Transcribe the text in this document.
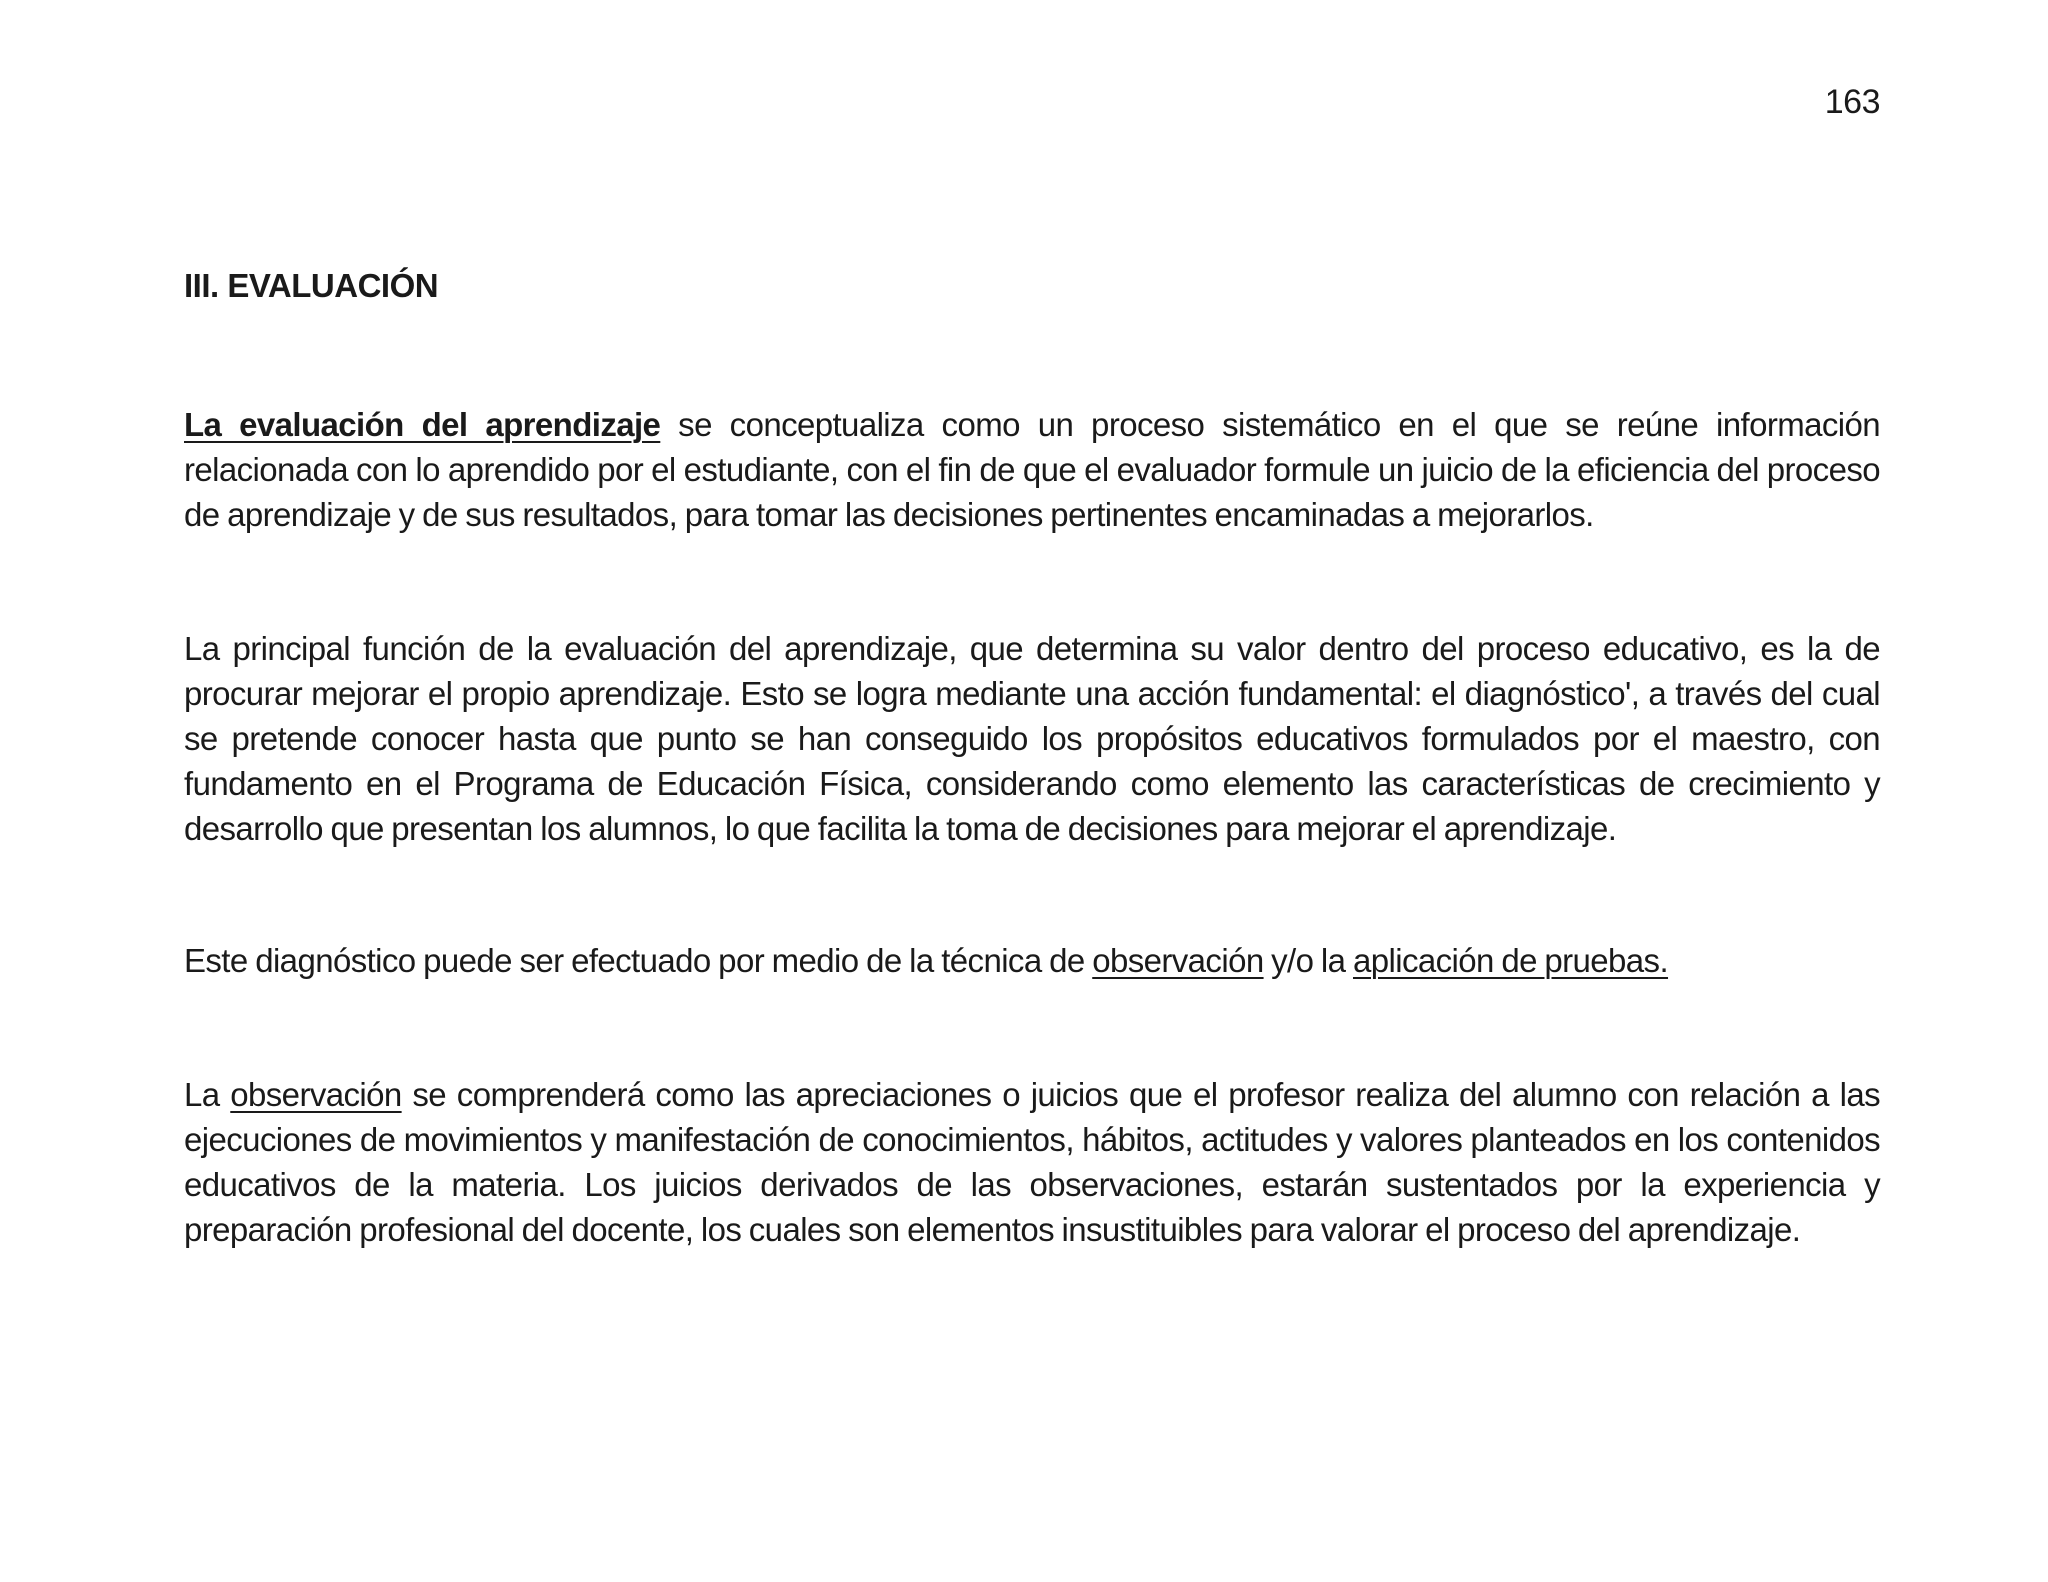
163
III. EVALUACIÓN

La evaluación del aprendizaje se conceptualiza como un proceso sistemático en el que se reúne información relacionada con lo aprendido por el estudiante, con el fin de que el evaluador formule un juicio de la eficiencia del proceso de aprendizaje y de sus resultados, para tomar las decisiones pertinentes encaminadas a mejorarlos.

La principal función de la evaluación del aprendizaje, que determina su valor dentro del proceso educativo, es la de procurar mejorar el propio aprendizaje. Esto se logra mediante una acción fundamental: el diagnóstico', a través del cual se pretende conocer hasta que punto se han conseguido los propósitos educativos formulados por el maestro, con fundamento en el Programa de Educación Física, considerando como elemento las características de crecimiento y desarrollo que presentan los alumnos, lo que facilita la toma de decisiones para mejorar el aprendizaje.

Este diagnóstico puede ser efectuado por medio de la técnica de observación y/o la aplicación de pruebas.

La observación se comprenderá como las apreciaciones o juicios que el profesor realiza del alumno con relación a las ejecuciones de movimientos y manifestación de conocimientos, hábitos, actitudes y valores planteados en los contenidos educativos de la materia. Los juicios derivados de las observaciones, estarán sustentados por la experiencia y preparación profesional del docente, los cuales son elementos insustituibles para valorar el proceso del aprendizaje.
